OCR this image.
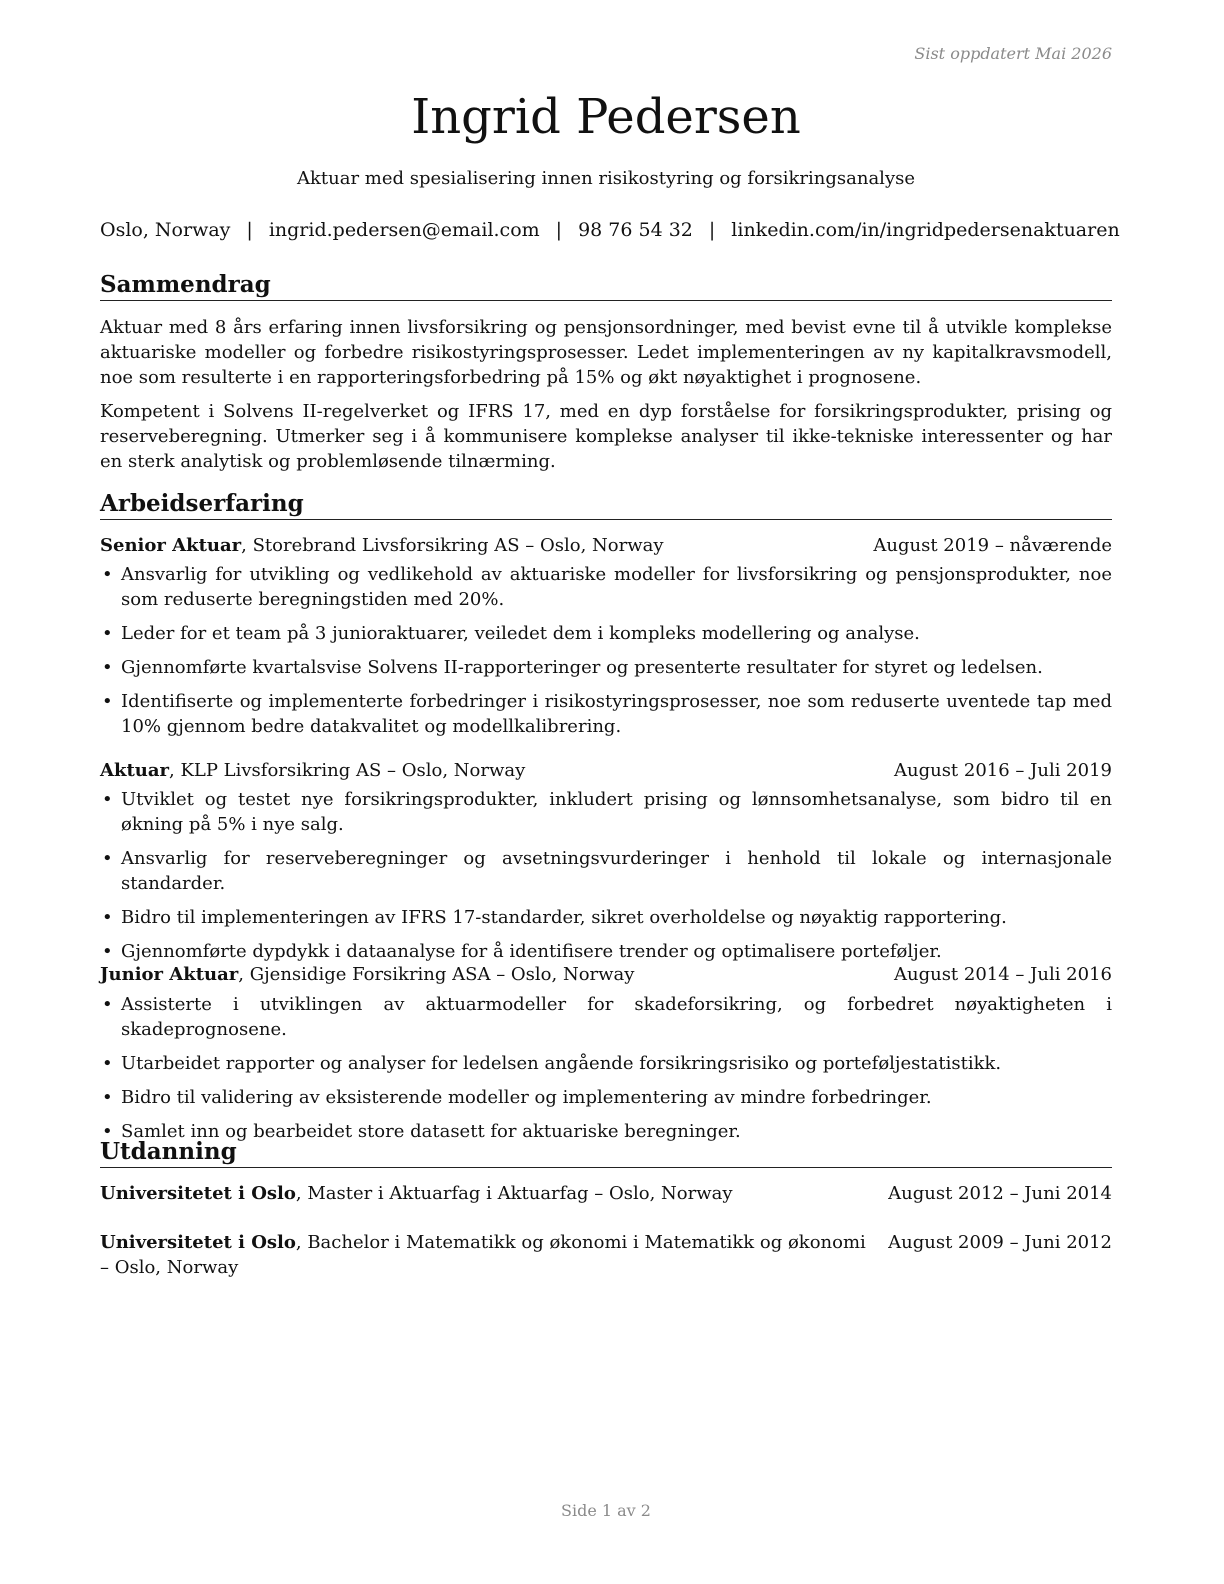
Sist oppdatert Mai 2026
Ingrid Pedersen
Aktuar med spesialisering innen risikostyring og forsikringsanalyse
Oslo, Norway | ingrid.pedersen@email.com | 98 76 54 32 | linkedin.com/in/ingridpedersenaktuaren
Sammendrag

Aktuar med 8 års erfaring innen livsforsikring og pensjonsordninger, med bevist evne til å utvikle komplekse aktuariske modeller og forbedre risikostyringsprosesser. Ledet implementeringen av ny kapitalkravsmodell, noe som resulterte i en rapporteringsforbedring på 15% og økt nøyaktighet i prognosene.

Kompetent i Solvens II-regelverket og IFRS 17, med en dyp forståelse for forsikringsprodukter, prising og reserveberegning. Utmerker seg i å kommunisere komplekse analyser til ikke-tekniske interessenter og har en sterk analytisk og problemløsende tilnærming.

Arbeidserfaring
Senior Aktuar, Storebrand Livsforsikring AS – Oslo, Norway	August 2019 – nåværende
• Ansvarlig for utvikling og vedlikehold av aktuariske modeller for livsforsikring og pensjonsprodukter, noe som reduserte beregningstiden med 20%.
• Leder for et team på 3 junioraktuarer, veiledet dem i kompleks modellering og analyse.
• Gjennomførte kvartalsvise Solvens II-rapporteringer og presenterte resultater for styret og ledelsen.
• Identifiserte og implementerte forbedringer i risikostyringsprosesser, noe som reduserte uventede tap med 10% gjennom bedre datakvalitet og modellkalibrering.
Aktuar, KLP Livsforsikring AS – Oslo, Norway	August 2016 – Juli 2019
• Utviklet og testet nye forsikringsprodukter, inkludert prising og lønnsomhetsanalyse, som bidro til en økning på 5% i nye salg.
• Ansvarlig for reserveberegninger og avsetningsvurderinger i henhold til lokale og internasjonale standarder.
• Bidro til implementeringen av IFRS 17-standarder, sikret overholdelse og nøyaktig rapportering.
• Gjennomførte dypdykk i dataanalyse for å identifisere trender og optimalisere porteføljer.
Junior Aktuar, Gjensidige Forsikring ASA – Oslo, Norway	August 2014 – Juli 2016
• Assisterte i utviklingen av aktuarmodeller for skadeforsikring, og forbedret nøyaktigheten i skadeprognosene.
• Utarbeidet rapporter og analyser for ledelsen angående forsikringsrisiko og porteføljestatistikk.
• Bidro til validering av eksisterende modeller og implementering av mindre forbedringer.
• Samlet inn og bearbeidet store datasett for aktuariske beregninger.
Utdanning
Universitetet i Oslo, Master i Aktuarfag i Aktuarfag – Oslo, Norway	August 2012 – Juni 2014
Universitetet i Oslo, Bachelor i Matematikk og økonomi i Matematikk og økonomi – Oslo, Norway
August 2009 – Juni 2012
Side 1 av 2
